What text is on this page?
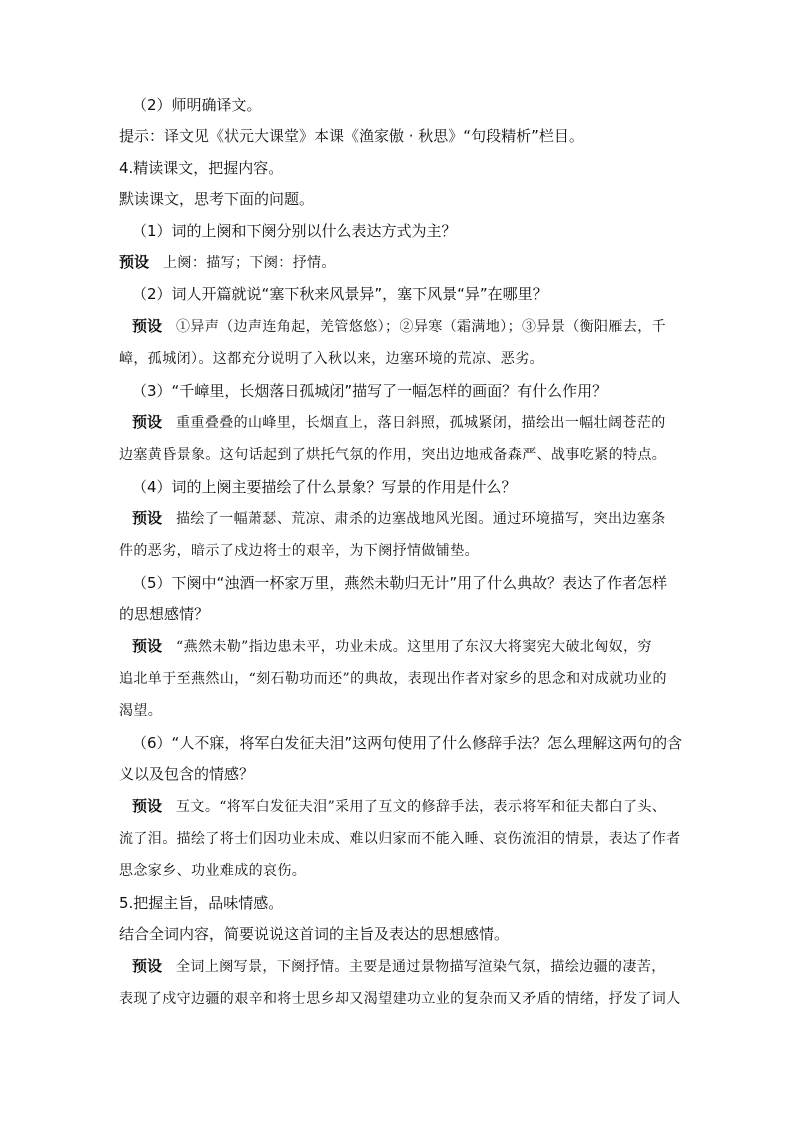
（2）师明确译文。
提示：译文见《状元大课堂》本课《渔家傲 · 秋思》“句段精析”栏目。
4.精读课文，把握内容。
默读课文，思考下面的问题。
（1）词的上阕和下阕分别以什么表达方式为主？
预设 上阕：描写；下阕：抒情。
（2）词人开篇就说“塞下秋来风景异”，塞下风景“异”在哪里？
预设 ①异声（边声连角起，羌管悠悠）；②异寒（霜满地）；③异景（衡阳雁去，千
嶂，孤城闭）。这都充分说明了入秋以来，边塞环境的荒凉、恶劣。
（3）“千嶂里，长烟落日孤城闭”描写了一幅怎样的画面？有什么作用？
预设 重重叠叠的山峰里，长烟直上，落日斜照，孤城紧闭，描绘出一幅壮阔苍茫的
边塞黄昏景象。这句话起到了烘托气氛的作用，突出边地戒备森严、战事吃紧的特点。
（4）词的上阕主要描绘了什么景象？写景的作用是什么？
预设 描绘了一幅萧瑟、荒凉、肃杀的边塞战地风光图。通过环境描写，突出边塞条
件的恶劣，暗示了戍边将士的艰辛，为下阕抒情做铺垫。
（5）下阕中“浊酒一杯家万里，燕然未勒归无计”用了什么典故？表达了作者怎样
的思想感情？
预设 “燕然未勒”指边患未平，功业未成。这里用了东汉大将窦宪大破北匈奴，穷
追北单于至燕然山，“刻石勒功而还”的典故，表现出作者对家乡的思念和对成就功业的
渴望。
（6）“人不寐，将军白发征夫泪”这两句使用了什么修辞手法？怎么理解这两句的含
义以及包含的情感？
预设 互文。“将军白发征夫泪”采用了互文的修辞手法，表示将军和征夫都白了头、
流了泪。描绘了将士们因功业未成、难以归家而不能入睡、哀伤流泪的情景，表达了作者
思念家乡、功业难成的哀伤。
5.把握主旨，品味情感。
结合全词内容，简要说说这首词的主旨及表达的思想感情。
预设 全词上阕写景，下阕抒情。主要是通过景物描写渲染气氛，描绘边疆的凄苦，
表现了戍守边疆的艰辛和将士思乡却又渴望建功立业的复杂而又矛盾的情绪，抒发了词人
